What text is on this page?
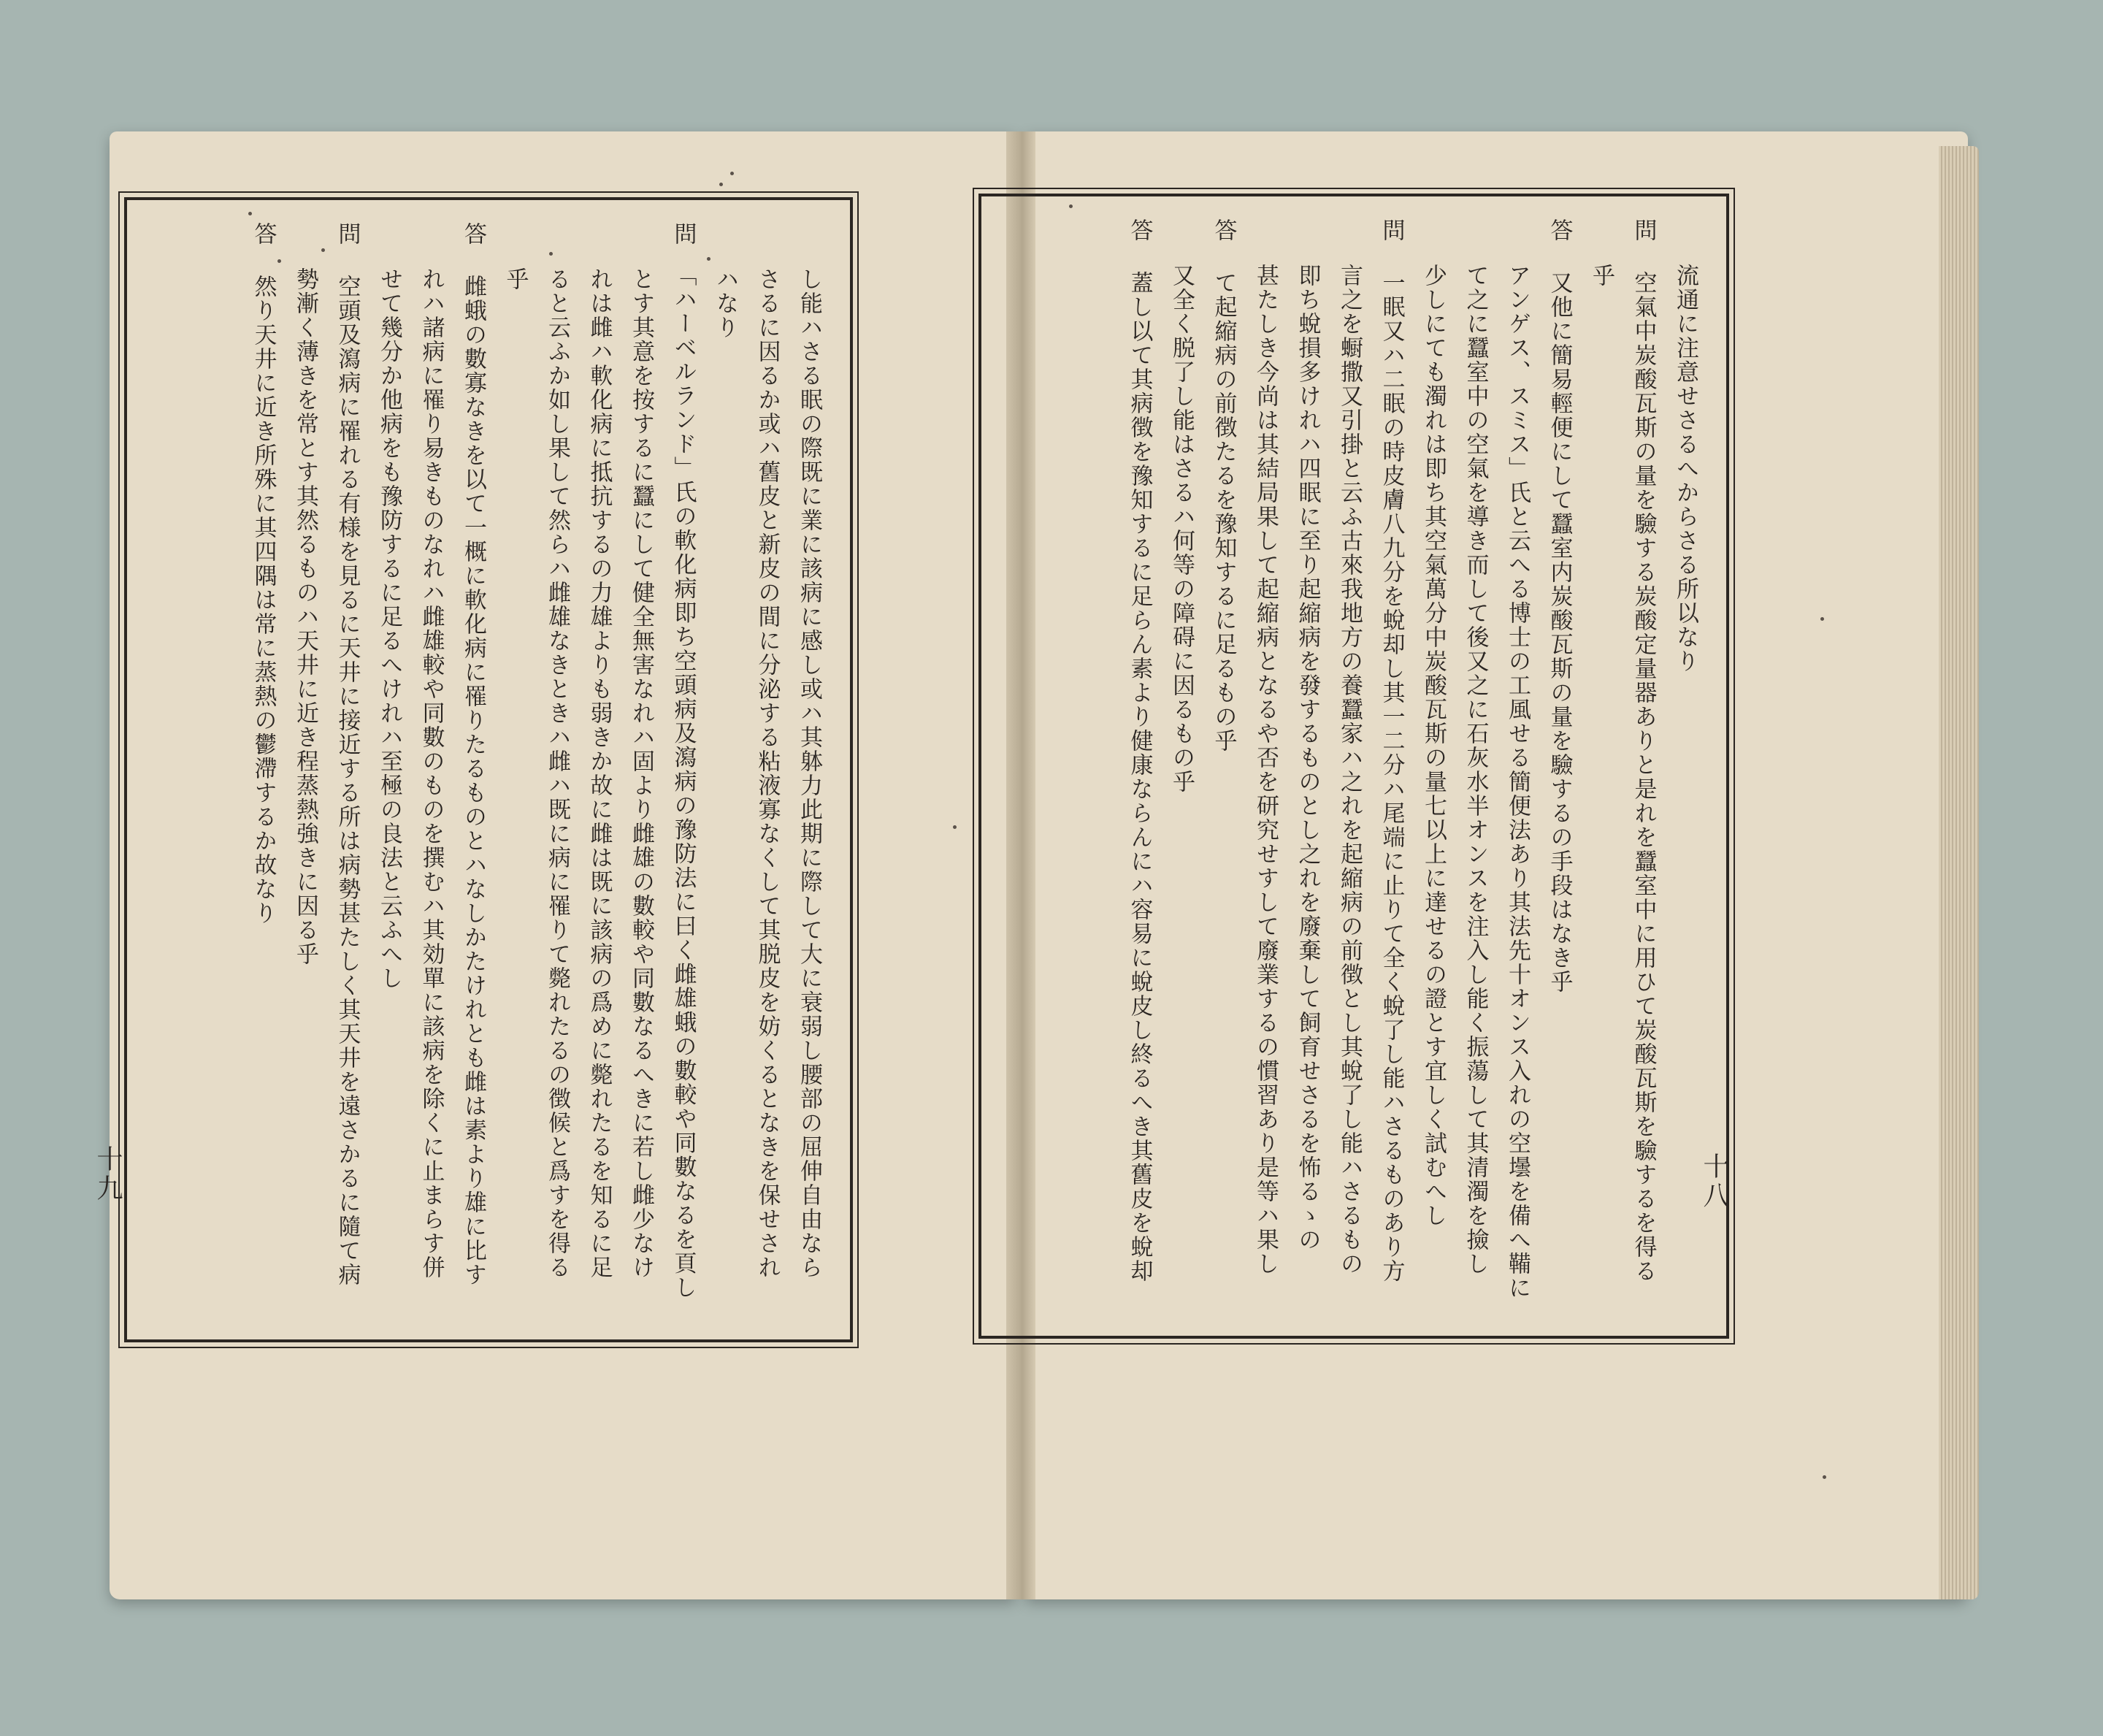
し能ハさる眠の際既に業に該病に感し或ハ其躰力此期に際して大に衰弱し腰部の屈伸自由なら
さるに因るか或ハ舊皮と新皮の間に分泌する粘液寡なくして其脱皮を妨くるとなきを保せされ
ハなり
問　「ハーベルランド」氏の軟化病即ち空頭病及瀉病の豫防法に曰く雌雄蛾の數較や同數なるを頁し
とす其意を按するに蠶にして健全無害なれハ固より雌雄の數較や同數なるへきに若し雌少なけ
れは雌ハ軟化病に抵抗するの力雄よりも弱きか故に雌は既に該病の爲めに斃れたるを知るに足
ると云ふか如し果して然らハ雌雄なきときハ雌ハ既に病に罹りて斃れたるの徴候と爲すを得る
乎
答　雌蛾の數寡なきを以て一概に軟化病に罹りたるものとハなしかたけれとも雌は素より雄に比す
れハ諸病に罹り易きものなれハ雌雄較や同數のものを撰むハ其効單に該病を除くに止まらす併
せて幾分か他病をも豫防するに足るへけれハ至極の良法と云ふへし
問　空頭及瀉病に罹れる有様を見るに天井に接近する所は病勢甚たしく其天井を遠さかるに隨て病
勢漸く薄きを常とす其然るものハ天井に近き程蒸熱強きに因る乎
答　然り天井に近き所殊に其四隅は常に蒸熱の鬱滯するか故なり	流通に注意せさるへからさる所以なり
問　空氣中炭酸瓦斯の量を驗する炭酸定量器ありと是れを蠶室中に用ひて炭酸瓦斯を驗するを得る
乎
答　又他に簡易輕便にして蠶室内炭酸瓦斯の量を驗するの手段はなき乎
アンゲス、スミス」氏と云へる博士の工風せる簡便法あり其法先十オンス入れの空壜を備へ鞴に
て之に蠶室中の空氣を導き而して後又之に石灰水半オンスを注入し能く振蕩して其清濁を撿し
少しにても濁れは即ち其空氣萬分中炭酸瓦斯の量七以上に達せるの證とす宜しく試むへし
問　一眠又ハ二眠の時皮膚八九分を蛻却し其一二分ハ尾端に止りて全く蛻了し能ハさるものあり方
言之を蟵撒又引掛と云ふ古來我地方の養蠶家ハ之れを起縮病の前徴とし其蛻了し能ハさるもの
即ち蛻損多けれハ四眠に至り起縮病を發するものとし之れを廢棄して飼育せさるを怖るゝの
甚たしき今尚は其結局果して起縮病となるや否を研究せすして廢業するの慣習あり是等ハ果し
答　て起縮病の前徴たるを豫知するに足るもの乎
又全く脱了し能はさるハ何等の障碍に因るもの乎
答　蓋し以て其病徴を豫知するに足らん素より健康ならんにハ容易に蛻皮し終るへき其舊皮を蛻却
十九	十八
